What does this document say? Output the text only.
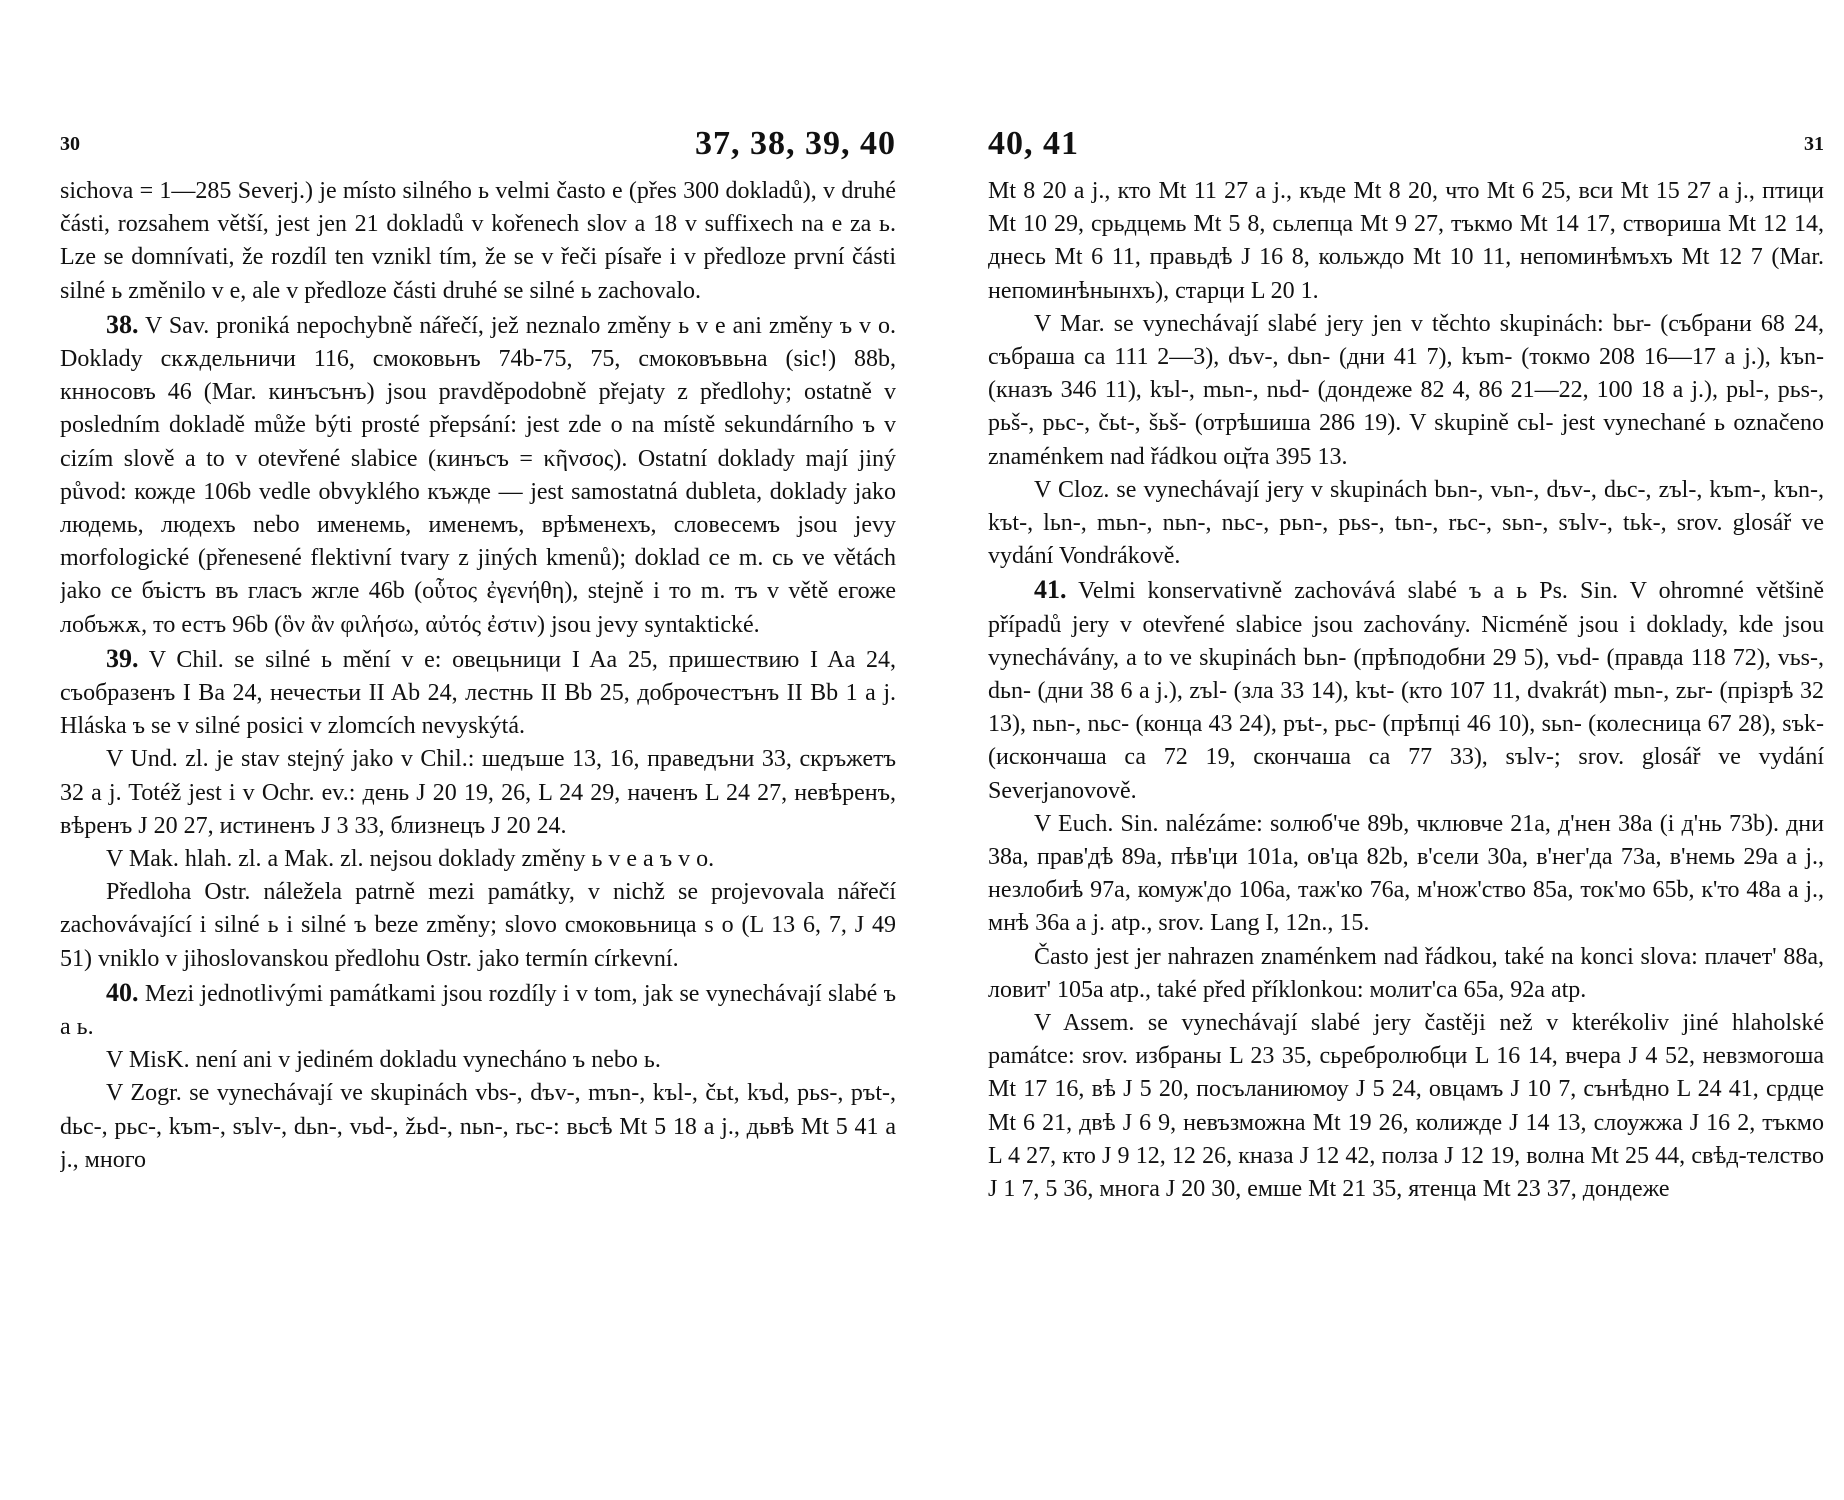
30	37, 38, 39, 40

sichova = 1—285 Severj.) je místo silného ь velmi často e (přes 300 dokladů), v druhé části, rozsahem větší, jest jen 21 dokladů v kořenech slov a 18 v suffixech na e za ь. Lze se domnívati, že rozdíl ten vznikl tím, že se v řeči písaře i v předloze první části silné ь změnilo v e, ale v předloze části druhé se silné ь zachovalo.

38. V Sav. proniká nepochybně nářečí, jež neznalo změny ь v e ani změny ъ v o. Doklady скѫдельничи 116, смоковьнъ 74b-75, 75, смоковъвьна (sic!) 88b, кнносовъ 46 (Mar. кинъсънъ) jsou pravděpodobně přejaty z předlohy; ostatně v posledním dokladě může býti prosté přepsání: jest zde о na místě sekundárního ъ v cizím slově a to v otevřené slabice (кинъсъ = κῆνσος). Ostatní doklady mají jiný původ: кожде 106b vedle obvyklého къжде — jest samostatná dubleta, doklady jako людемь, людехъ nebo именемь, именемъ, врѣменехъ, словесемъ jsou jevy morfologické (přenesené flektivní tvary z jiných kmenů); doklad се m. сь ve větách jako се бъістъ въ гласъ жгле 46b (οὗτος ἐγενήθη), stejně i то m. тъ v větě егоже лобъжѫ, то естъ 96b (ὃν ἂν φιλήσω, αὐτός ἐστιν) jsou jevy syntaktické.

39. V Chil. se silné ь mění v e: овецьници I Aa 25, пришествию I Aa 24, съобразенъ I Ba 24, нечестьи II Ab 24, лестнь II Bb 25, доброчестънъ II Bb 1 a j. Hláska ъ se v silné posici v zlomcích nevyskýtá.

V Und. zl. je stav stejný jako v Chil.: шедъше 13, 16, праведъни 33, скръжетъ 32 a j. Totéž jest i v Ochr. ev.: день J 20 19, 26, L 24 29, наченъ L 24 27, невѣренъ, вѣренъ J 20 27, истиненъ J 3 33, близнецъ J 20 24.

V Mak. hlah. zl. a Mak. zl. nejsou doklady změny ь v e a ъ v o.

Předloha Ostr. náležela patrně mezi památky, v nichž se projevovala nářečí zachovávající i silné ь i silné ъ beze změny; slovo смоковьница s о (L 13 6, 7, J 49 51) vniklo v jihoslovanskou předlohu Ostr. jako termín církevní.

40. Mezi jednotlivými památkami jsou rozdíly i v tom, jak se vynechávají slabé ъ a ь.

V MisK. není ani v jediném dokladu vynecháno ъ nebo ь.

V Zogr. se vynechávají ve skupinách vbs-, dъv-, mъn-, kъl-, čьt, kъd, pьs-, pъt-, dьc-, pьc-, kъm-, sъlv-, dьn-, vьd-, žьd-, nьn-, rьc-: вьсѣ Mt 5 18 a j., дьвѣ Mt 5 41 a j., много

40, 41	31

Mt 8 20 a j., кто Mt 11 27 a j., къде Mt 8 20, что Mt 6 25, вси Mt 15 27 a j., птици Mt 10 29, срьдцемь Mt 5 8, сьлепца Mt 9 27, тъкмо Mt 14 17, створиша Mt 12 14, днесь Mt 6 11, правьдѣ J 16 8, кольждо Mt 10 11, непоминѣмъхъ Mt 12 7 (Mar. непоминѣнынхъ), старци L 20 1.

V Mar. se vynechávají slabé jery jen v těchto skupinách: bьr- (събрани 68 24, събраша са 111 2—3), dъv-, dьn- (дни 41 7), kъm- (токмо 208 16—17 a j.), kъn- (кназъ 346 11), kъl-, mьn-, nьd- (дондеже 82 4, 86 21—22, 100 18 a j.), pьl-, pьs-, pьš-, pьc-, čьt-, šьš- (отрѣшиша 286 19). V skupině cьl- jest vynechané ь označeno znaménkem nad řádkou оц̆та 395 13.

V Cloz. se vynechávají jery v skupinách bьn-, vьn-, dъv-, dьc-, zъl-, kъm-, kъn-, kъt-, lьn-, mьn-, nьn-, nьc-, pьn-, pьs-, tьn-, rьc-, sьn-, sъlv-, tьk-, srov. glosář ve vydání Vondrákově.

41. Velmi konservativně zachovává slabé ъ a ь Ps. Sin. V ohromné většině případů jery v otevřené slabice jsou zachovány. Nicméně jsou i doklady, kde jsou vynechávány, a to ve skupinách bьn- (прѣподобни 29 5), vьd- (правда 118 72), vьs-, dьn- (дни 38 6 a j.), zъl- (зла 33 14), kъt- (кто 107 11, dvakrát) mьn-, zьr- (прізрѣ 32 13), nьn-, nьc- (конца 43 24), pъt-, pьc- (прѣпці 46 10), sьn- (колесница 67 28), sъk- (искончаша са 72 19, скончаша са 77 33), sъlv-; srov. glosář ve vydání Severjanovově.

V Euch. Sin. nalézáme: ѕолюб'че 89b, чклювче 21a, д'нен 38a (i д'нь 73b). дни 38a, прав'дѣ 89a, пѣв'ци 101a, ов'ца 82b, в'сели 30a, в'нег'да 73a, в'немь 29a a j., незлобиѣ 97a, комуж'до 106a, таж'ко 76a, м'нож'ство 85a, ток'мо 65b, к'то 48a a j., мнѣ 36a a j. atp., srov. Lang I, 12n., 15.

Často jest jer nahrazen znaménkem nad řádkou, také na konci slova: плачет' 88a, ловит' 105a atp., také před příklonkou: молит'са 65a, 92a atp.

V Assem. se vynechávají slabé jery častěji než v kterékoliv jiné hlaholské památce: srov. избраны L 23 35, сьребролюбци L 16 14, вчера J 4 52, невзмогоша Mt 17 16, вѣ J 5 20, посъланиюмоу J 5 24, овцамъ J 10 7, сънѣдно L 24 41, срдце Mt 6 21, двѣ J 6 9, невъзможна Mt 19 26, колижде J 14 13, слоужжа J 16 2, тъкмо L 4 27, кто J 9 12, 12 26, кназа J 12 42, полза J 12 19, волна Mt 25 44, свѣд-телство J 1 7, 5 36, многа J 20 30, емше Mt 21 35, ятенца Mt 23 37, дондеже
